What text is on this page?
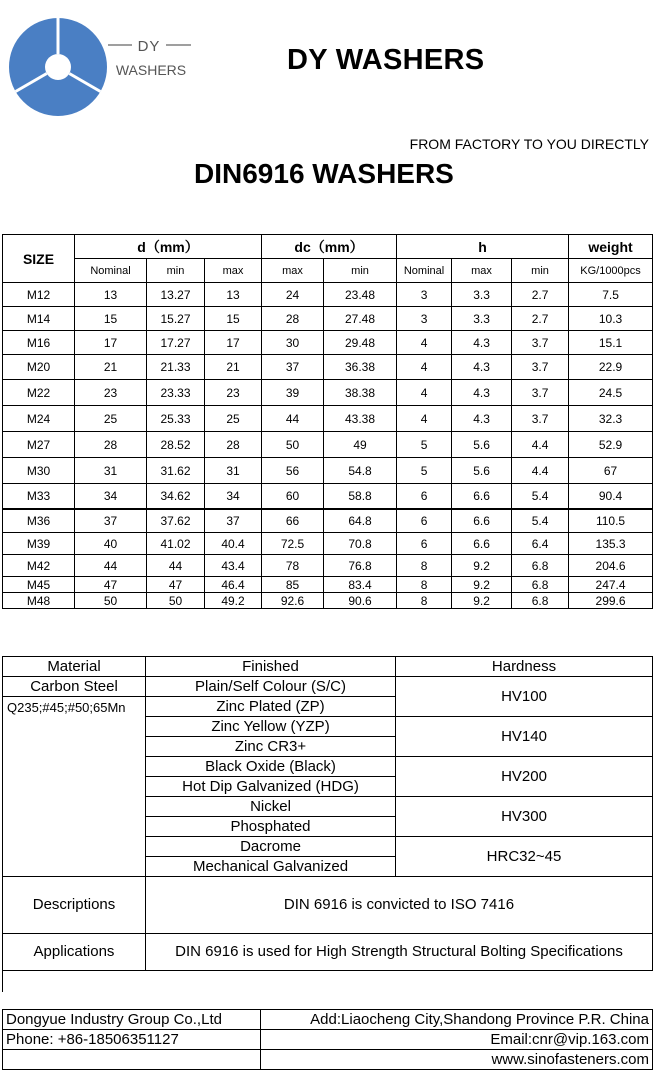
DY
WASHERS	DY WASHERS
FROM FACTORY TO YOU DIRECTLY
DIN6916 WASHERS
SIZE	d（mm）			dc（mm）		h			weight
	Nominal	min	max	max	min	Nominal	max	min	KG/1000pcs
M12	13	13.27	13	24	23.48	3	3.3	2.7	7.5
M14	15	15.27	15	28	27.48	3	3.3	2.7	10.3
M16	17	17.27	17	30	29.48	4	4.3	3.7	15.1
M20	21	21.33	21	37	36.38	4	4.3	3.7	22.9
M22	23	23.33	23	39	38.38	4	4.3	3.7	24.5
M24	25	25.33	25	44	43.38	4	4.3	3.7	32.3
M27	28	28.52	28	50	49	5	5.6	4.4	52.9
M30	31	31.62	31	56	54.8	5	5.6	4.4	67
M33	34	34.62	34	60	58.8	6	6.6	5.4	90.4
M36	37	37.62	37	66	64.8	6	6.6	5.4	110.5
M39	40	41.02	40.4	72.5	70.8	6	6.6	6.4	135.3
M42	44	44	43.4	78	76.8	8	9.2	6.8	204.6
M45	47	47	46.4	85	83.4	8	9.2	6.8	247.4
M48	50	50	49.2	92.6	90.6	8	9.2	6.8	299.6
Material	Finished	Hardness
Carbon Steel	Plain/Self Colour (S/C)	HV100
Q235;#45;#50;65Mn	Zinc Plated (ZP)	
	Zinc Yellow (YZP)	HV140
	Zinc CR3+	
	Black Oxide (Black)	HV200
	Hot Dip Galvanized (HDG)	
	Nickel	HV300
	Phosphated	
	Dacrome	HRC32~45
	Mechanical Galvanized	
Descriptions	DIN 6916 is convicted to ISO 7416	
Applications	DIN 6916 is used for High Strength Structural Bolting Specifications	

Dongyue Industry Group Co.,Ltd	Add:Liaocheng City,Shandong Province P.R. China
Phone: +86-18506351127	Email:cnr@vip.163.com
	www.sinofasteners.com
